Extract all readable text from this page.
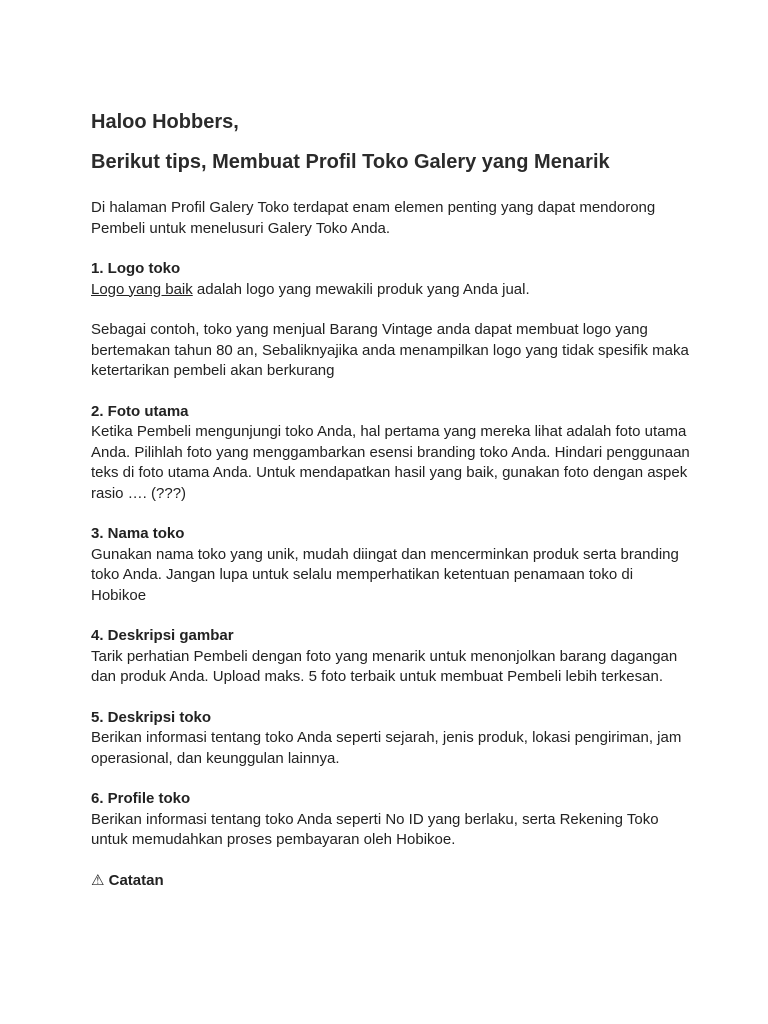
Haloo Hobbers,

Berikut tips, Membuat Profil Toko Galery yang Menarik

Di halaman Profil Galery Toko terdapat enam elemen penting yang dapat mendorong Pembeli untuk menelusuri Galery Toko Anda.

1. Logo toko

Logo yang baik adalah logo yang mewakili produk yang Anda jual.

Sebagai contoh, toko yang menjual Barang Vintage anda dapat membuat logo yang bertemakan tahun 80 an, Sebaliknyajika anda menampilkan logo yang tidak spesifik maka ketertarikan pembeli akan berkurang

2. Foto utama

Ketika Pembeli mengunjungi toko Anda, hal pertama yang mereka lihat adalah foto utama Anda. Pilihlah foto yang menggambarkan esensi branding toko Anda. Hindari penggunaan teks di foto utama Anda. Untuk mendapatkan hasil yang baik, gunakan foto dengan aspek rasio …. (???)

3. Nama toko

Gunakan nama toko yang unik, mudah diingat dan mencerminkan produk serta branding toko Anda. Jangan lupa untuk selalu memperhatikan ketentuan penamaan toko di Hobikoe

4. Deskripsi gambar

Tarik perhatian Pembeli dengan foto yang menarik untuk menonjolkan barang dagangan dan produk Anda. Upload maks. 5 foto terbaik untuk membuat Pembeli lebih terkesan.

5. Deskripsi toko

Berikan informasi tentang toko Anda seperti sejarah, jenis produk, lokasi pengiriman, jam operasional, dan keunggulan lainnya.

6. Profile toko

Berikan informasi tentang toko Anda seperti No ID yang berlaku, serta Rekening Toko untuk memudahkan proses pembayaran oleh Hobikoe.

⚠ Catatan
